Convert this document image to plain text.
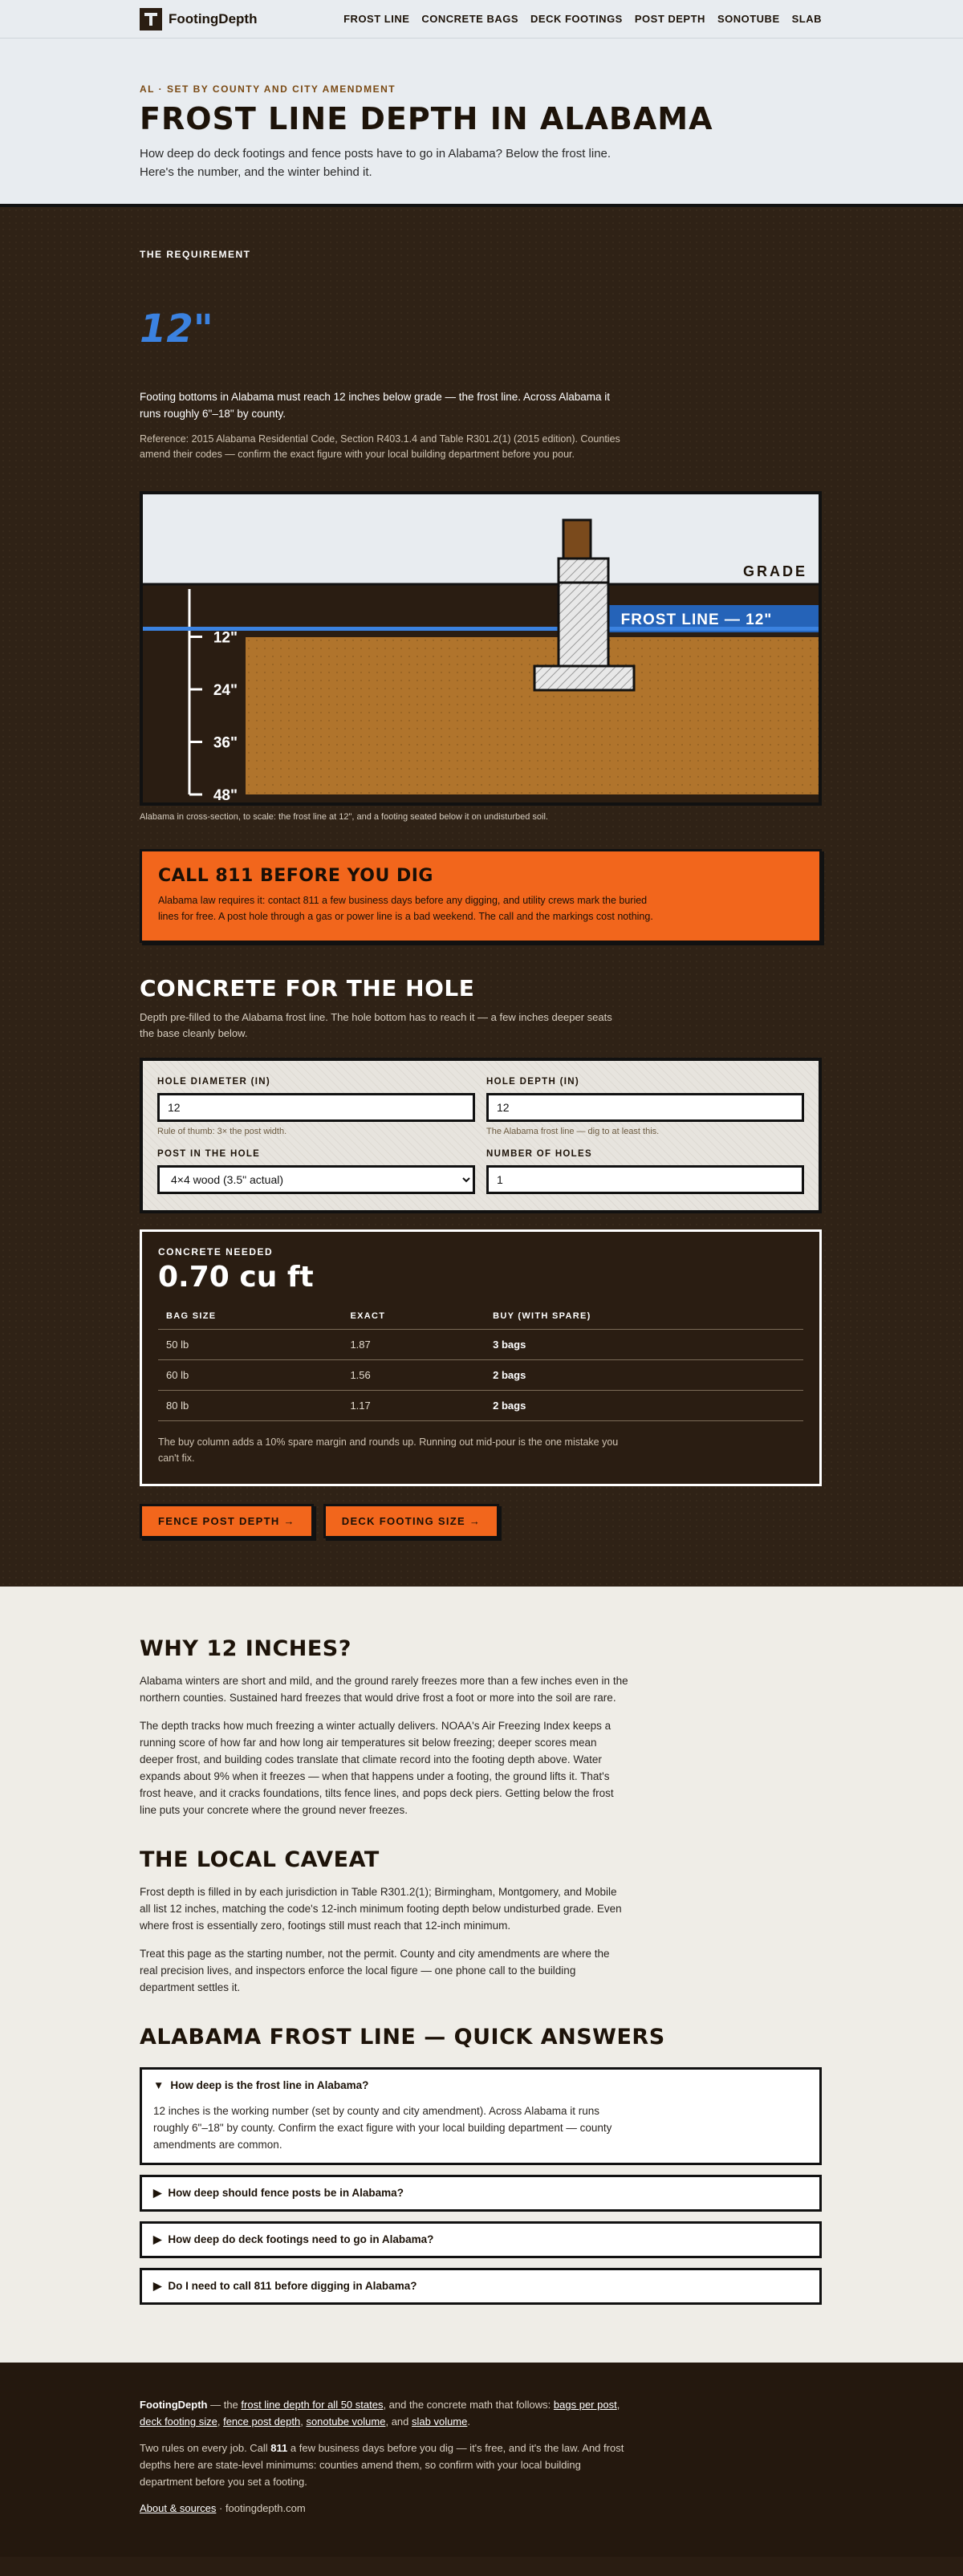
FootingDepth	FROST LINE CONCRETE BAGS DECK FOOTINGS POST DEPTH SONOTUBE SLAB
AL · SET BY COUNTY AND CITY AMENDMENT
FROST LINE DEPTH IN ALABAMA

How deep do deck footings and fence posts have to go in Alabama? Below the frost line. Here's the number, and the winter behind it.

THE REQUIREMENT
12"

Footing bottoms in Alabama must reach 12 inches below grade — the frost line. Across Alabama it runs roughly 6"–18" by county.

Reference: 2015 Alabama Residential Code, Section R403.1.4 and Table R301.2(1) (2015 edition). Counties amend their codes — confirm the exact figure with your local building department before you pour.

GRADE
12"
24"
36"
48"
FROST LINE — 12"
Alabama in cross-section, to scale: the frost line at 12", and a footing seated below it on undisturbed soil.
CALL 811 BEFORE YOU DIG

Alabama law requires it: contact 811 a few business days before any digging, and utility crews mark the buried lines for free. A post hole through a gas or power line is a bad weekend. The call and the markings cost nothing.

CONCRETE FOR THE HOLE

Depth pre-filled to the Alabama frost line. The hole bottom has to reach it — a few inches deeper seats the base cleanly below.

HOLE DIAMETER (IN)
12
Rule of thumb: 3× the post width.
HOLE DEPTH (IN)
12
The Alabama frost line — dig to at least this.
POST IN THE HOLE
4×4 wood (3.5" actual)	NUMBER OF HOLES
1
CONCRETE NEEDED
0.70 cu ft
BAG SIZE	EXACT	BUY (WITH SPARE)
50 lb	1.87	3 bags
60 lb	1.56	2 bags
80 lb	1.17	2 bags

The buy column adds a 10% spare margin and rounds up. Running out mid-pour is the one mistake you can't fix.

FENCE POST DEPTH →	DECK FOOTING SIZE →
WHY 12 INCHES?

Alabama winters are short and mild, and the ground rarely freezes more than a few inches even in the northern counties. Sustained hard freezes that would drive frost a foot or more into the soil are rare.

The depth tracks how much freezing a winter actually delivers. NOAA's Air Freezing Index keeps a running score of how far and how long air temperatures sit below freezing; deeper scores mean deeper frost, and building codes translate that climate record into the footing depth above. Water expands about 9% when it freezes — when that happens under a footing, the ground lifts it. That's frost heave, and it cracks foundations, tilts fence lines, and pops deck piers. Getting below the frost line puts your concrete where the ground never freezes.

THE LOCAL CAVEAT

Frost depth is filled in by each jurisdiction in Table R301.2(1); Birmingham, Montgomery, and Mobile all list 12 inches, matching the code's 12-inch minimum footing depth below undisturbed grade. Even where frost is essentially zero, footings still must reach that 12-inch minimum.

Treat this page as the starting number, not the permit. County and city amendments are where the real precision lives, and inspectors enforce the local figure — one phone call to the building department settles it.

ALABAMA FROST LINE — QUICK ANSWERS
▼ How deep is the frost line in Alabama?
12 inches is the working number (set by county and city amendment). Across Alabama it runs roughly 6"–18" by county. Confirm the exact figure with your local building department — county amendments are common.
▶ How deep should fence posts be in Alabama?
▶ How deep do deck footings need to go in Alabama?
▶ Do I need to call 811 before digging in Alabama?

FootingDepth — the frost line depth for all 50 states, and the concrete math that follows: bags per post, deck footing size, fence post depth, sonotube volume, and slab volume.

Two rules on every job. Call 811 a few business days before you dig — it's free, and it's the law. And frost depths here are state-level minimums: counties amend them, so confirm with your local building department before you set a footing.

About & sources · footingdepth.com
